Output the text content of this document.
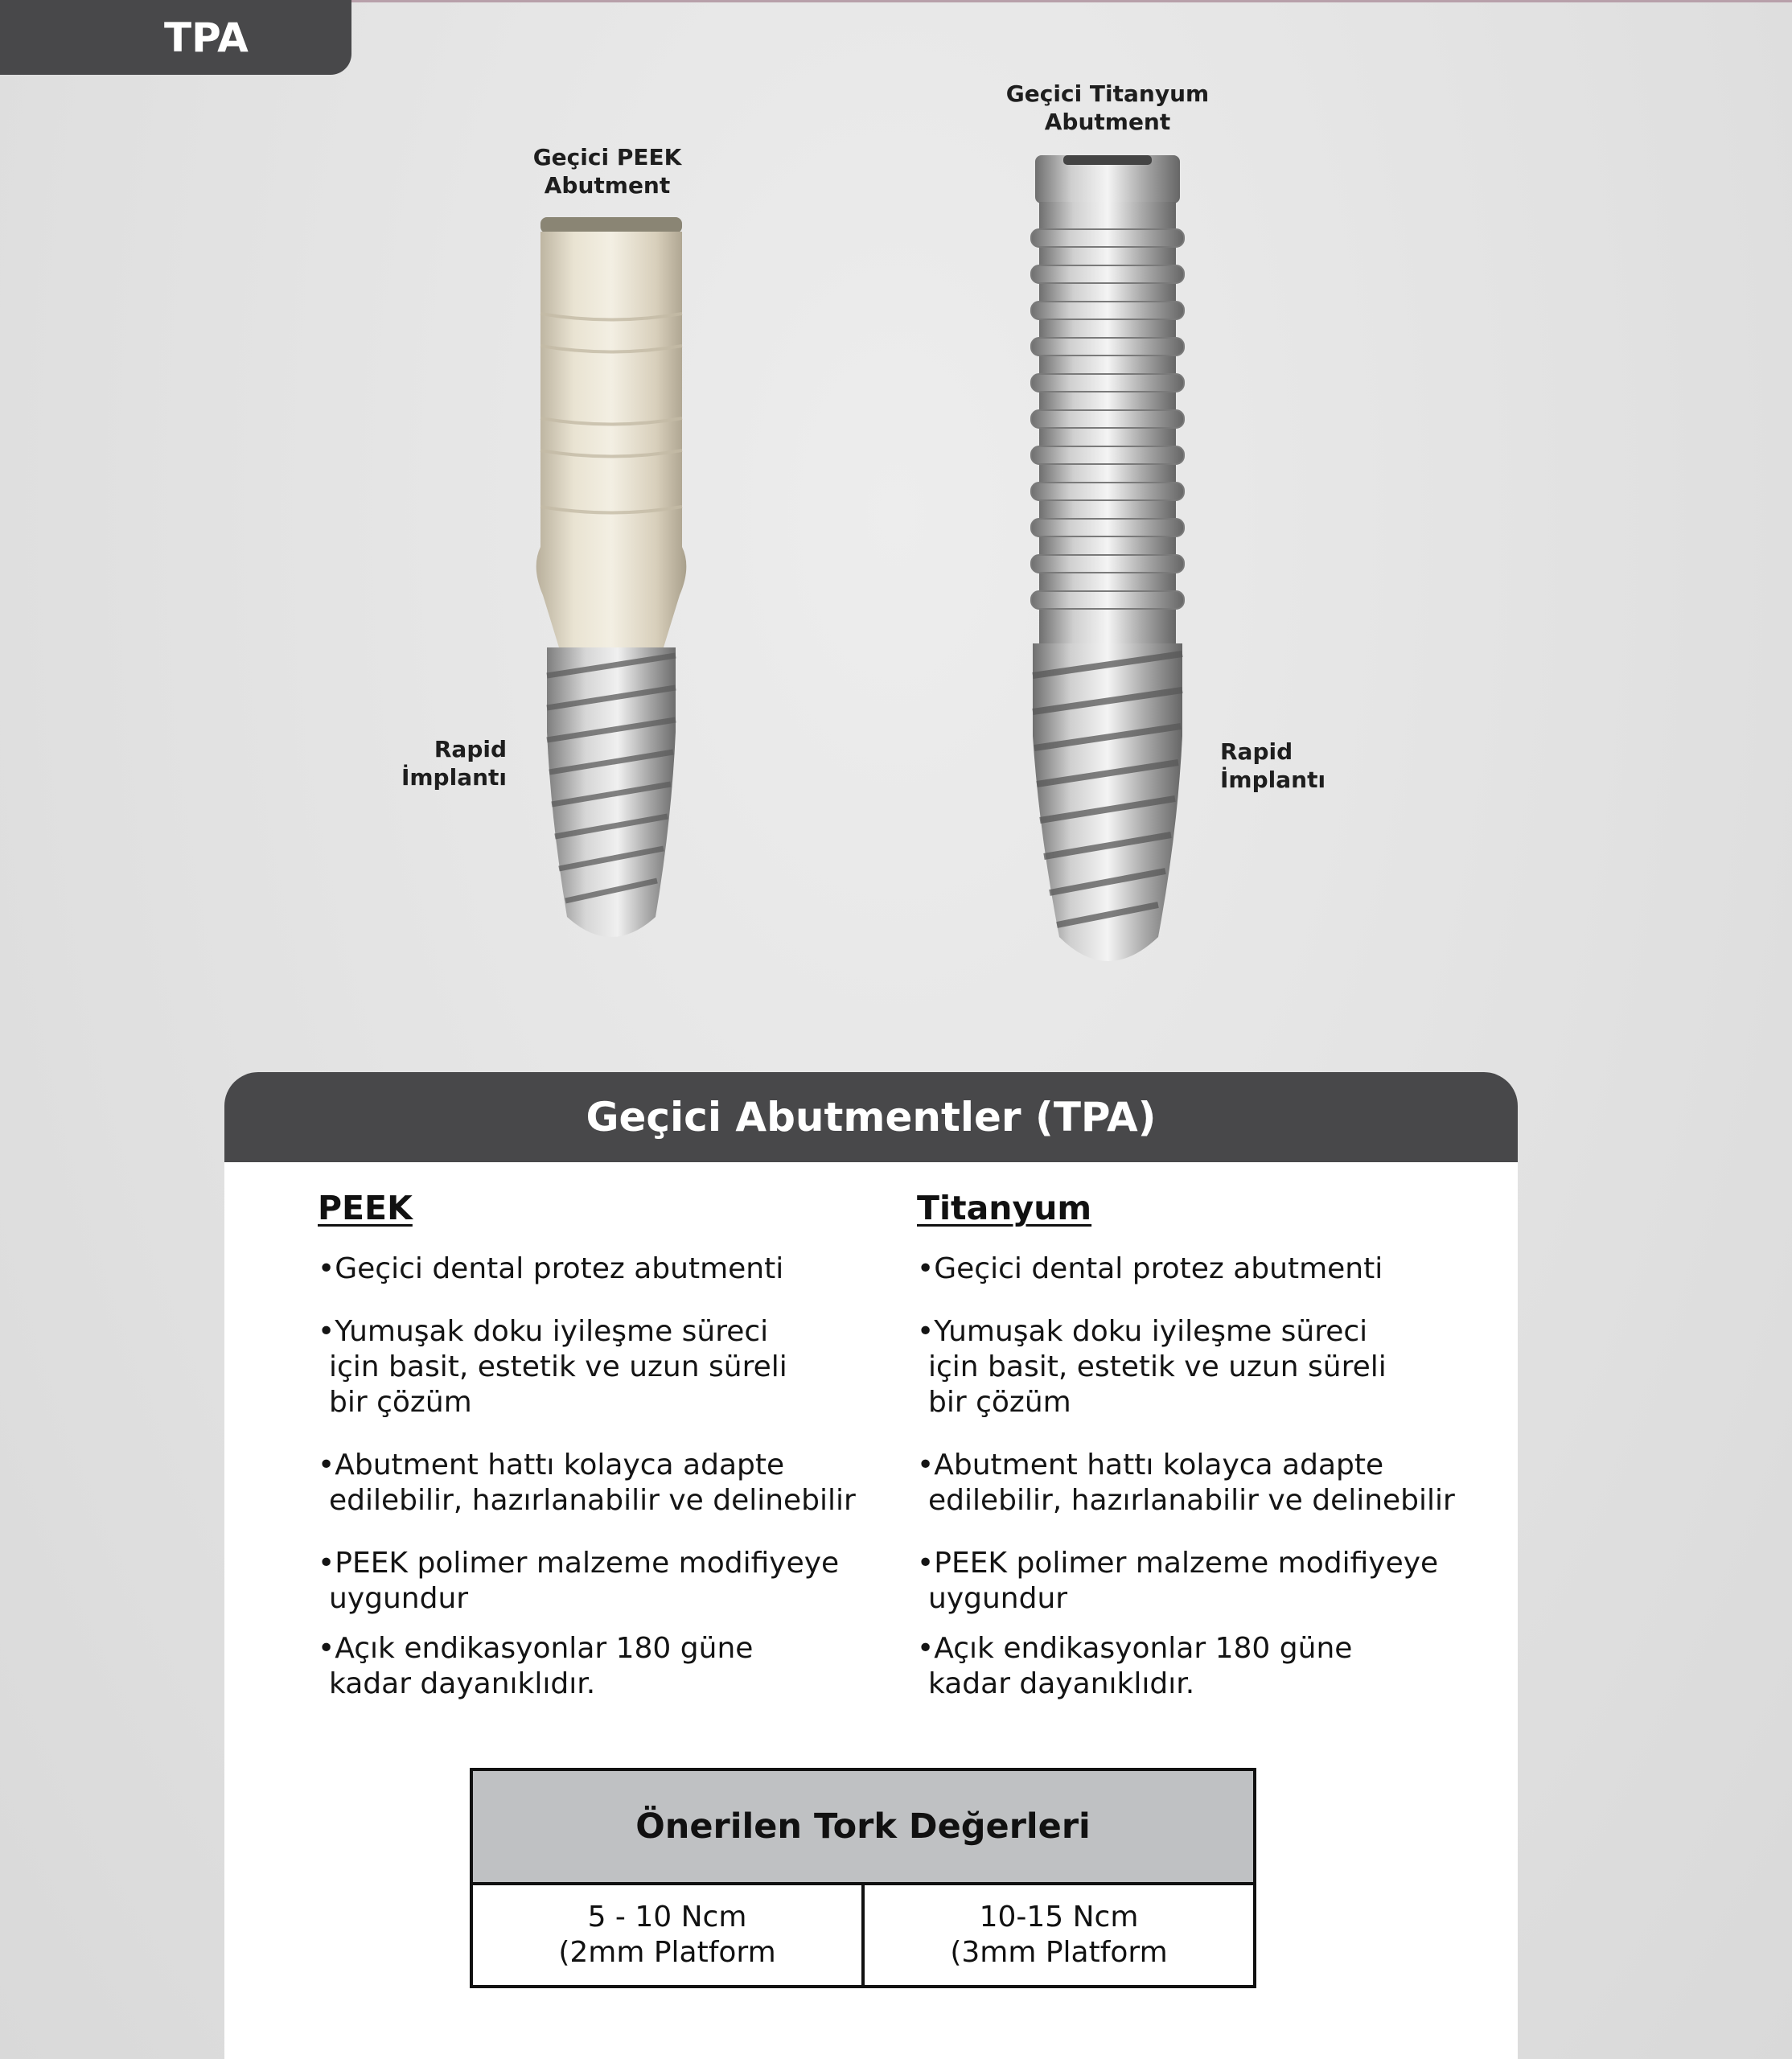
TPA
Geçici PEEK
Abutment
Geçici Titanyum
Abutment
Rapid
İmplantı
Rapid
İmplantı
Geçici Abutmentler (TPA)
PEEK
• Geçici dental protez abutmenti
• Yumuşak doku iyileşme süreci
için basit, estetik ve uzun süreli
bir çözüm
• Abutment hattı kolayca adapte
edilebilir, hazırlanabilir ve delinebilir
• PEEK polimer malzeme modifiyeye
uygundur
• Açık endikasyonlar 180 güne
kadar dayanıklıdır.
Titanyum
• Geçici dental protez abutmenti
• Yumuşak doku iyileşme süreci
için basit, estetik ve uzun süreli
bir çözüm
• Abutment hattı kolayca adapte
edilebilir, hazırlanabilir ve delinebilir
• PEEK polimer malzeme modifiyeye
uygundur
• Açık endikasyonlar 180 güne
kadar dayanıklıdır.
Önerilen Tork Değerleri
5 - 10 Ncm
(2mm Platform
10-15 Ncm
(3mm Platform
